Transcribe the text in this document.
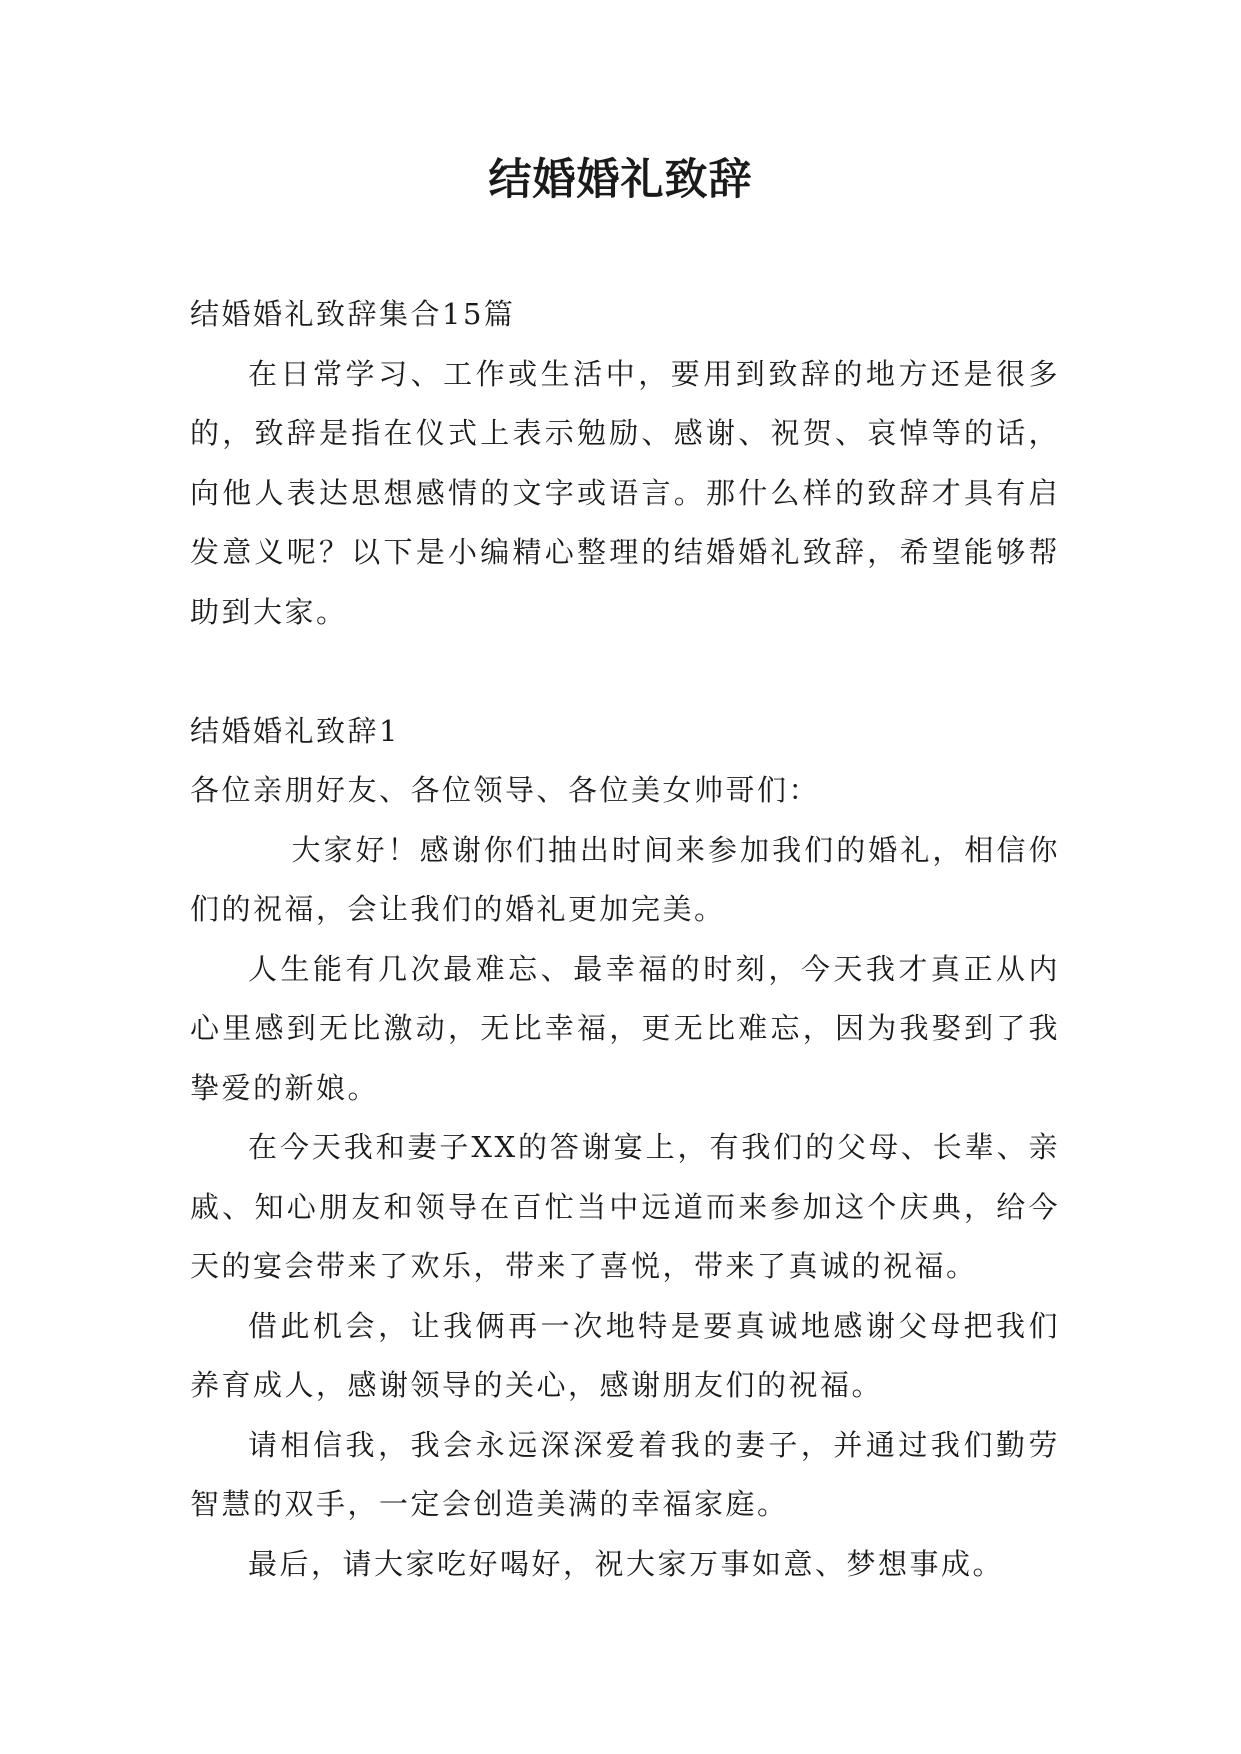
结婚婚礼致辞

结婚婚礼致辞集合15篇

在日常学习、工作或生活中，要用到致辞的地方还是很多的，致辞是指在仪式上表示勉励、感谢、祝贺、哀悼等的话，向他人表达思想感情的文字或语言。那什么样的致辞才具有启发意义呢？以下是小编精心整理的结婚婚礼致辞，希望能够帮助到大家。

结婚婚礼致辞1

各位亲朋好友、各位领导、各位美女帅哥们：

大家好！感谢你们抽出时间来参加我们的婚礼，相信你们的祝福，会让我们的婚礼更加完美。

人生能有几次最难忘、最幸福的时刻，今天我才真正从内心里感到无比激动，无比幸福，更无比难忘，因为我娶到了我挚爱的新娘。

在今天我和妻子XX的答谢宴上，有我们的父母、长辈、亲戚、知心朋友和领导在百忙当中远道而来参加这个庆典，给今天的宴会带来了欢乐，带来了喜悦，带来了真诚的祝福。

借此机会，让我俩再一次地特是要真诚地感谢父母把我们养育成人，感谢领导的关心，感谢朋友们的祝福。

请相信我，我会永远深深爱着我的妻子，并通过我们勤劳智慧的双手，一定会创造美满的幸福家庭。

最后，请大家吃好喝好，祝大家万事如意、梦想事成。
